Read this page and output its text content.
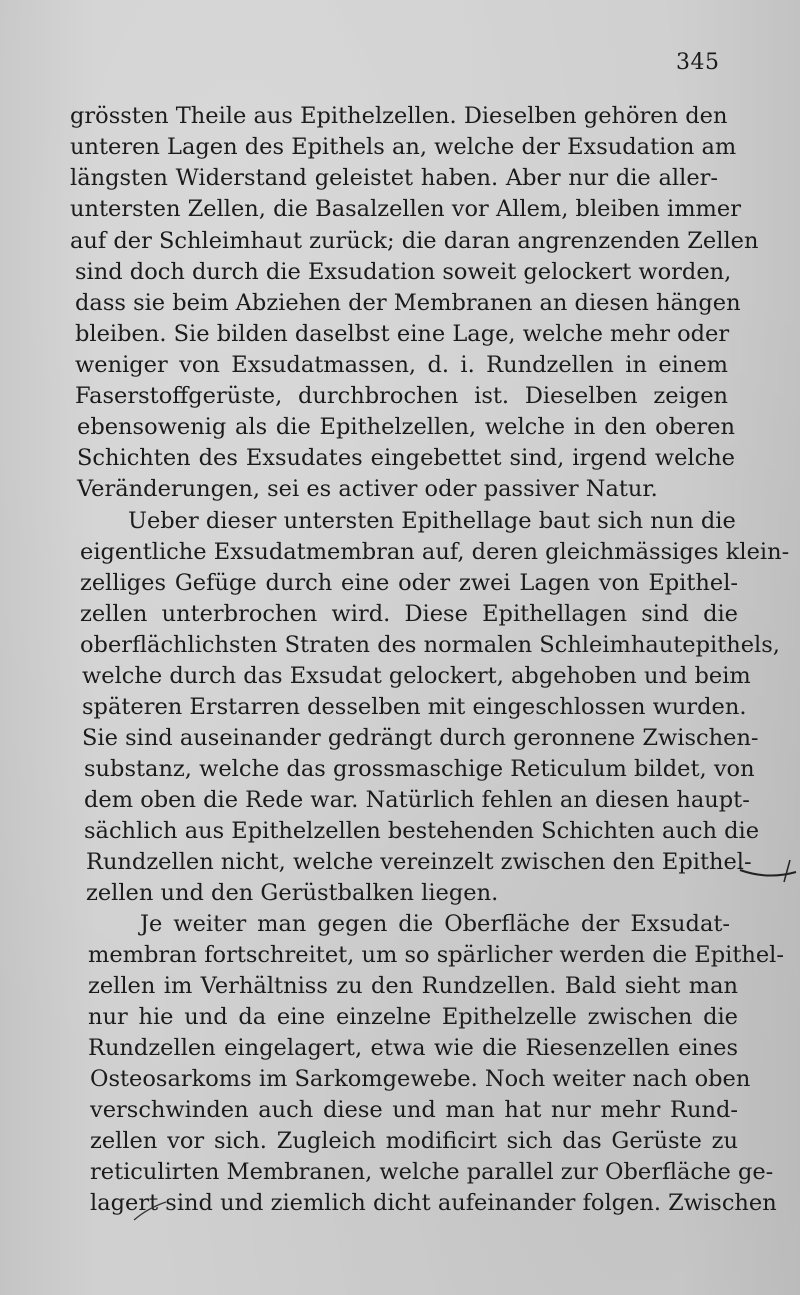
345

grössten Theile aus Epithelzellen. Dieselben gehören den

unteren Lagen des Epithels an, welche der Exsudation am

längsten Widerstand geleistet haben. Aber nur die aller-

untersten Zellen, die Basalzellen vor Allem, bleiben immer

auf der Schleimhaut zurück; die daran angrenzenden Zellen

sind doch durch die Exsudation soweit gelockert worden,

dass sie beim Abziehen der Membranen an diesen hängen

bleiben. Sie bilden daselbst eine Lage, welche mehr oder

weniger von Exsudatmassen, d. i. Rundzellen in einem

Faserstoffgerüste, durchbrochen ist. Dieselben zeigen

ebensowenig als die Epithelzellen, welche in den oberen

Schichten des Exsudates eingebettet sind, irgend welche

Veränderungen, sei es activer oder passiver Natur.

Ueber dieser untersten Epithellage baut sich nun die

eigentliche Exsudatmembran auf, deren gleichmässiges klein-

zelliges Gefüge durch eine oder zwei Lagen von Epithel-

zellen unterbrochen wird. Diese Epithellagen sind die

oberflächlichsten Straten des normalen Schleimhautepithels,

welche durch das Exsudat gelockert, abgehoben und beim

späteren Erstarren desselben mit eingeschlossen wurden.

Sie sind auseinander gedrängt durch geronnene Zwischen-

substanz, welche das grossmaschige Reticulum bildet, von

dem oben die Rede war. Natürlich fehlen an diesen haupt-

sächlich aus Epithelzellen bestehenden Schichten auch die

Rundzellen nicht, welche vereinzelt zwischen den Epithel-

zellen und den Gerüstbalken liegen.

Je weiter man gegen die Oberfläche der Exsudat-

membran fortschreitet, um so spärlicher werden die Epithel-

zellen im Verhältniss zu den Rundzellen. Bald sieht man

nur hie und da eine einzelne Epithelzelle zwischen die

Rundzellen eingelagert, etwa wie die Riesenzellen eines

Osteosarkoms im Sarkomgewebe. Noch weiter nach oben

verschwinden auch diese und man hat nur mehr Rund-

zellen vor sich. Zugleich modificirt sich das Gerüste zu

reticulirten Membranen, welche parallel zur Oberfläche ge-

lagert sind und ziemlich dicht aufeinander folgen. Zwischen
